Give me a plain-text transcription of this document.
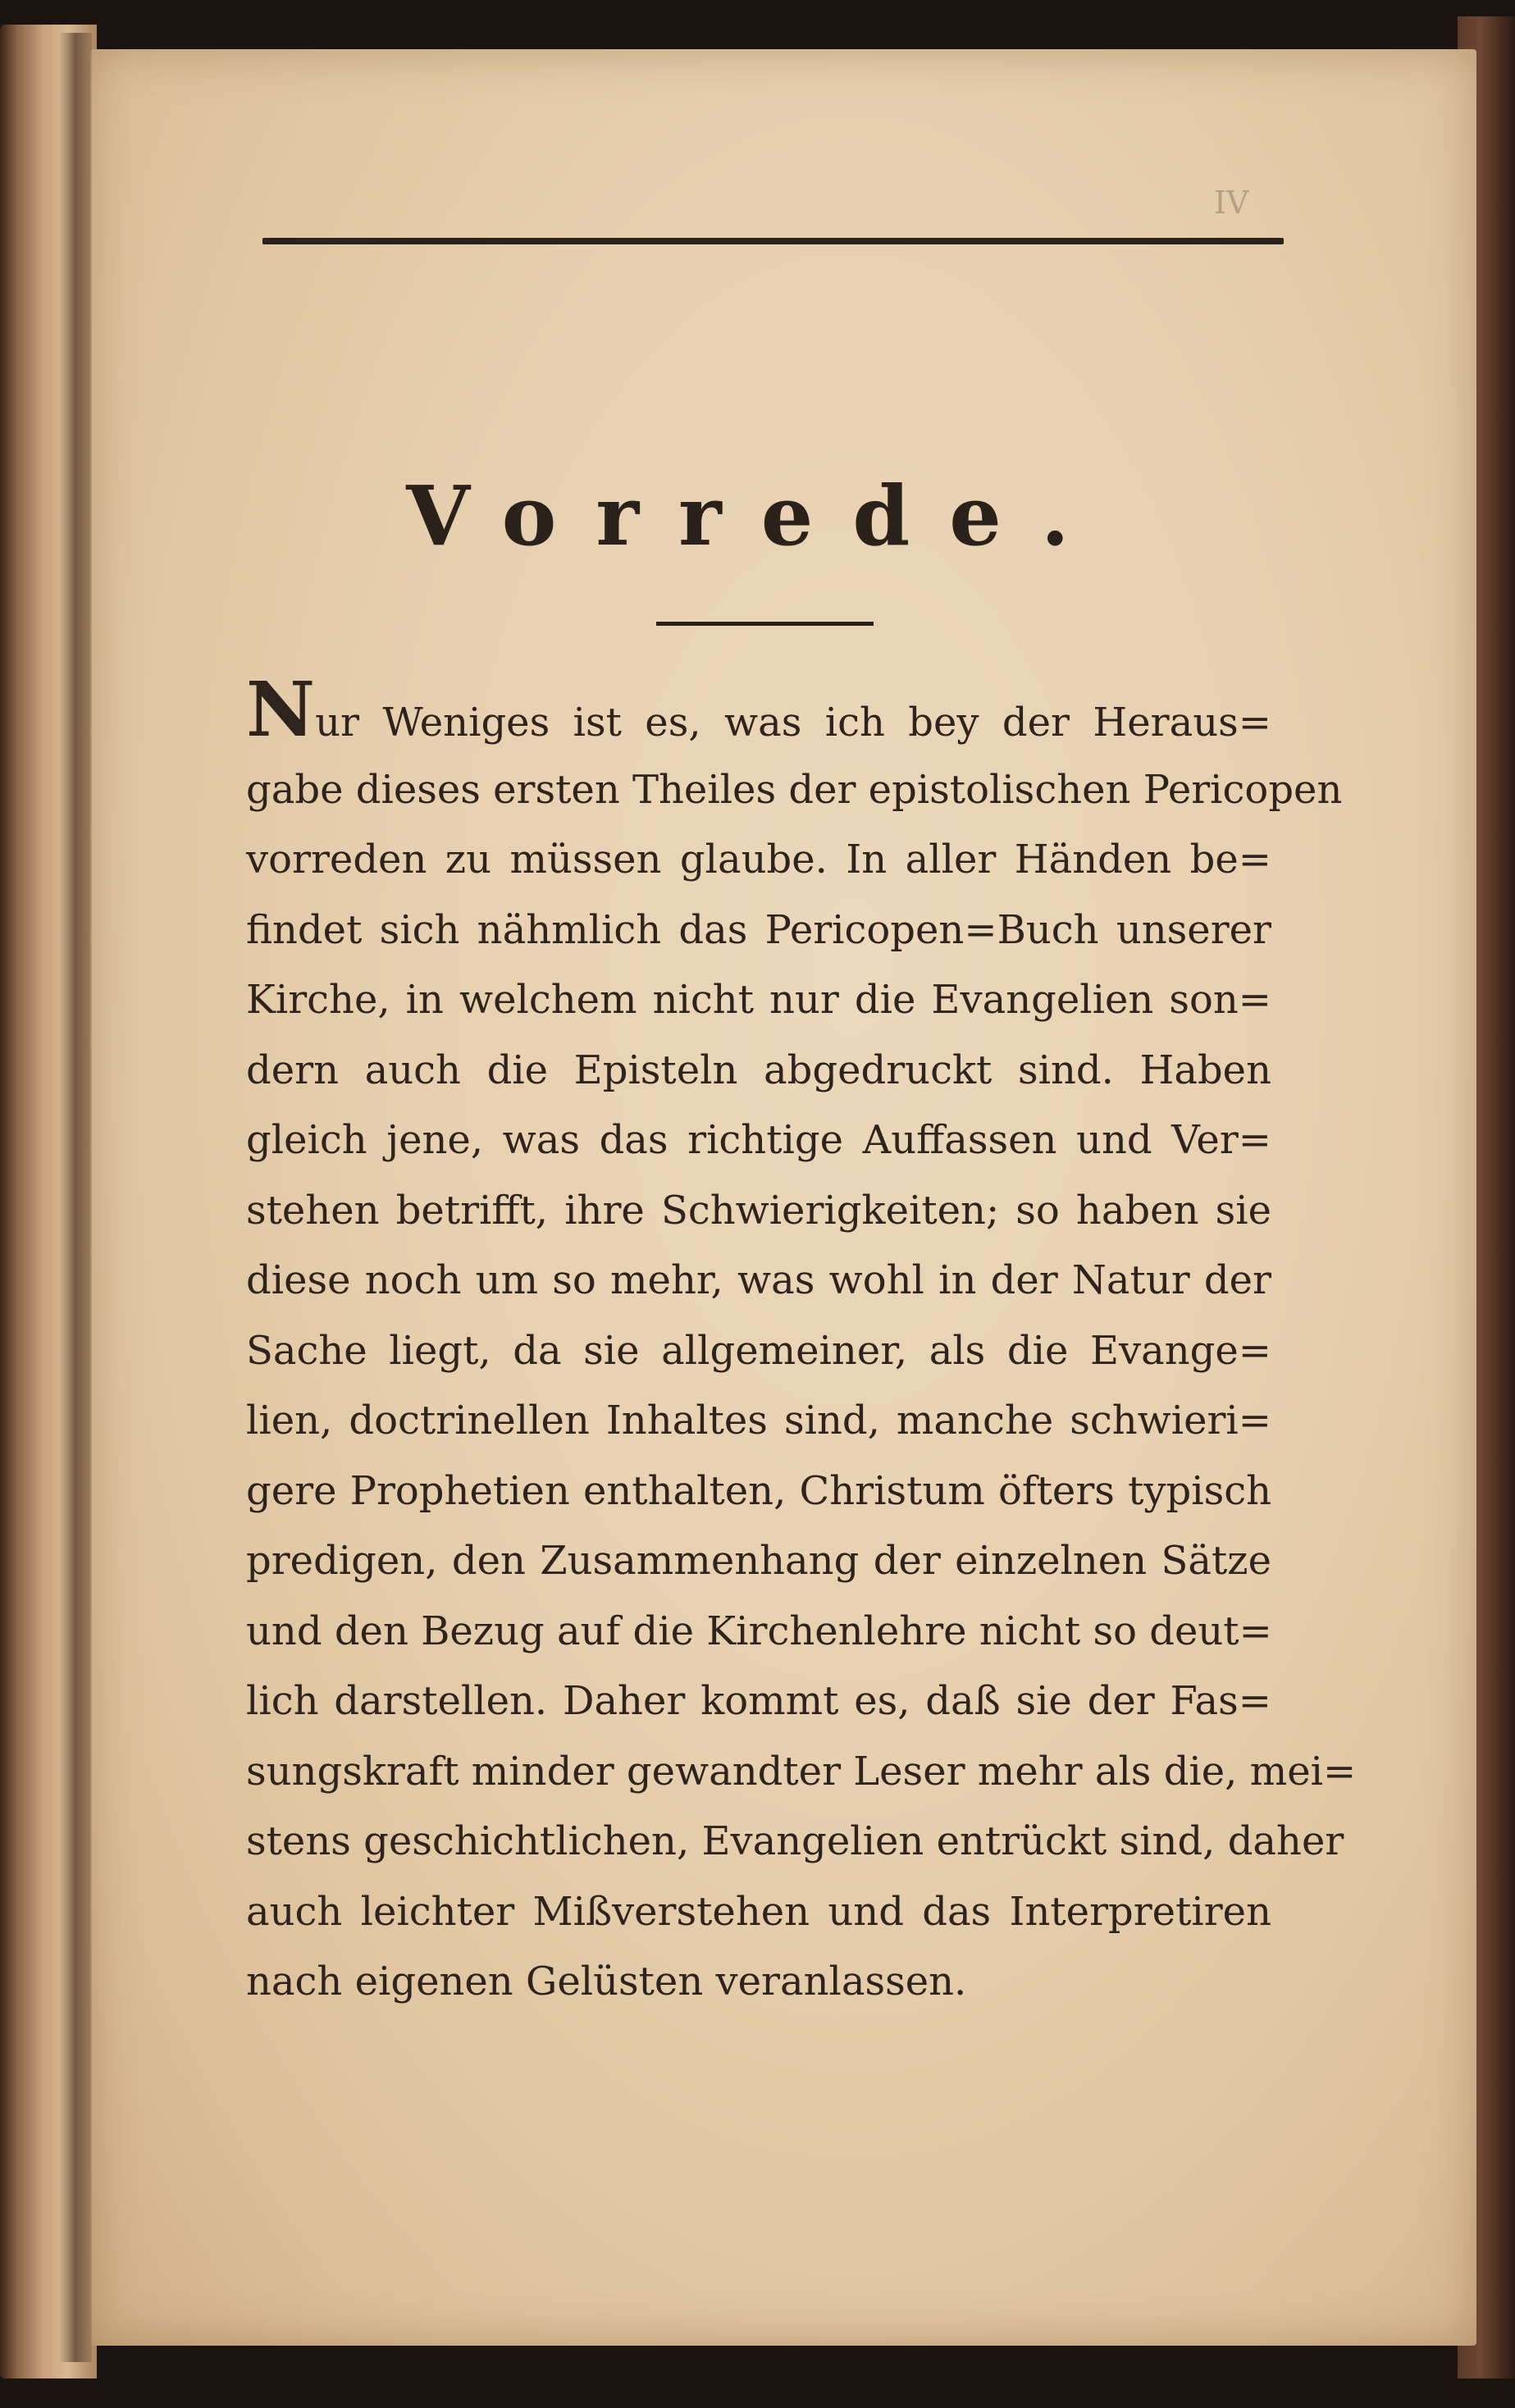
IV
Vorrede.
Nur Weniges ist es, was ich bey der Heraus=
gabe dieses ersten Theiles der epistolischen Pericopen
vorreden zu müssen glaube. In aller Händen be=
findet sich nähmlich das Pericopen=Buch unserer
Kirche, in welchem nicht nur die Evangelien son=
dern auch die Episteln abgedruckt sind. Haben
gleich jene, was das richtige Auffassen und Ver=
stehen betrifft, ihre Schwierigkeiten; so haben sie
diese noch um so mehr, was wohl in der Natur der
Sache liegt, da sie allgemeiner, als die Evange=
lien, doctrinellen Inhaltes sind, manche schwieri=
gere Prophetien enthalten, Christum öfters typisch
predigen, den Zusammenhang der einzelnen Sätze
und den Bezug auf die Kirchenlehre nicht so deut=
lich darstellen. Daher kommt es, daß sie der Fas=
sungskraft minder gewandter Leser mehr als die, mei=
stens geschichtlichen, Evangelien entrückt sind, daher
auch leichter Mißverstehen und das Interpretiren
nach eigenen Gelüsten veranlassen.
